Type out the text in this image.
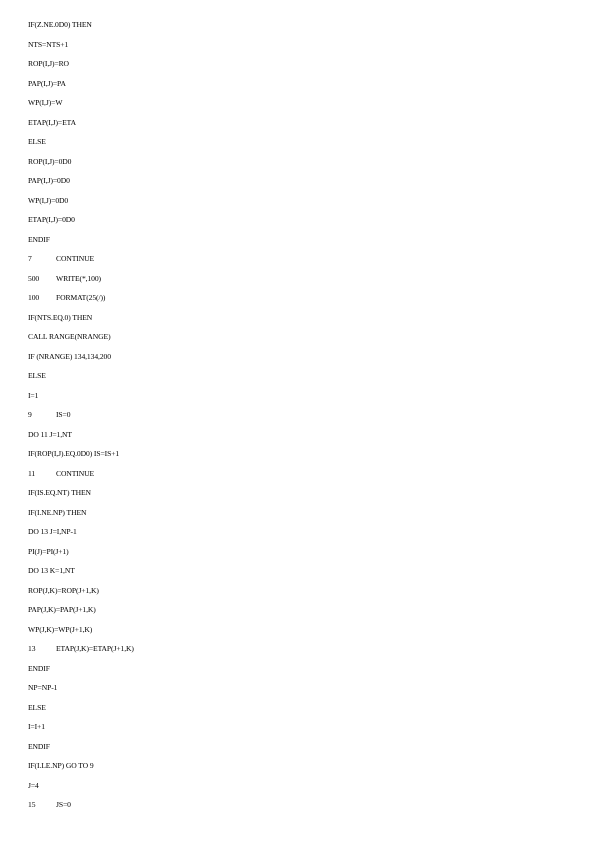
IF(Z.NE.0D0) THEN
NTS=NTS+1
ROP(I,J)=RO
PAP(I,J)=PA
WP(I,J)=W
ETAP(I,J)=ETA
ELSE
ROP(I,J)=0D0
PAP(I,J)=0D0
WP(I,J)=0D0
ETAP(I,J)=0D0
ENDIF
7	CONTINUE
500	WRITE(*,100)
100	FORMAT(25(/))
IF(NTS.EQ.0) THEN
CALL RANGE(NRANGE)
IF (NRANGE) 134,134,200
ELSE
I=1
9	IS=0
DO 11 J=1,NT
IF(ROP(I,J).EQ.0D0) IS=IS+1
11	CONTINUE
IF(IS.EQ.NT) THEN
IF(I.NE.NP) THEN
DO 13 J=I,NP-1
PI(J)=PI(J+1)
DO 13 K=1,NT
ROP(J,K)=ROP(J+1,K)
PAP(J,K)=PAP(J+1,K)
WP(J,K)=WP(J+1,K)
13	ETAP(J,K)=ETAP(J+1,K)
ENDIF
NP=NP-1
ELSE
I=I+1
ENDIF
IF(I.LE.NP) GO TO 9
J=4
15	JS=0
